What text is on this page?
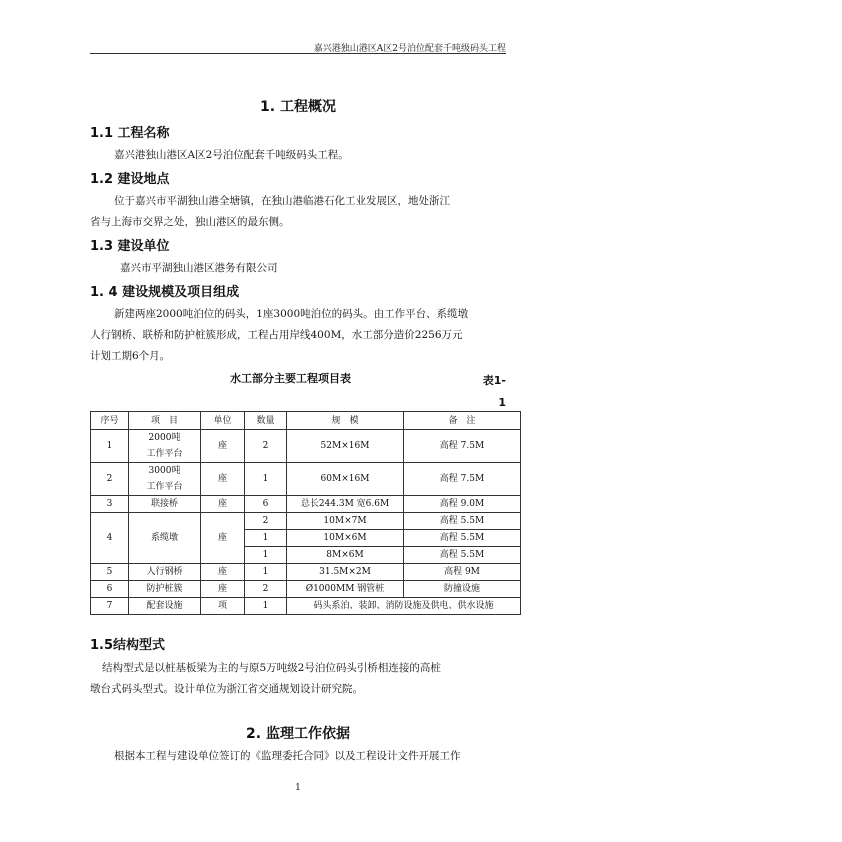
嘉兴港独山港区A区2号泊位配套千吨级码头工程
1. 工程概况
1.1 工程名称
嘉兴港独山港区A区2号泊位配套千吨级码头工程。
1.2 建设地点
位于嘉兴市平湖独山港全塘镇，在独山港临港石化工业发展区，地处浙江
省与上海市交界之处，独山港区的最东侧。
1.3 建设单位
嘉兴市平湖独山港区港务有限公司
1. 4 建设规模及项目组成
新建两座2000吨泊位的码头，1座3000吨泊位的码头。由工作平台、系缆墩
人行钢桥、联桥和防护桩簇形成，工程占用岸线400M，水工部分造价2256万元
计划工期6个月。
水工部分主要工程项目表	表1-
1
序号	项　目	单位	数量	规　模	备　注
1	2000吨
工作平台	座	2	52M×16M	高程 7.5M
2	3000吨
工作平台	座	1	60M×16M	高程 7.5M
3	联接桥	座	6	总长244.3M 宽6.6M	高程 9.0M
4	系缆墩	座	2	10M×7M	高程 5.5M
			1	10M×6M	高程 5.5M
			1	8M×6M	高程 5.5M
5	人行钢桥	座	1	31.5M×2M	高程 9M
6	防护桩簇	座	2	Ø1000MM 钢管桩	防撞设施
7	配套设施	项	1	码头系泊、装卸、消防设施及供电、供水设施	
1.5结构型式
结构型式是以桩基板梁为主的与原5万吨级2号泊位码头引桥相连接的高桩
墩台式码头型式。设计单位为浙江省交通规划设计研究院。
2. 监理工作依据
根据本工程与建设单位签订的《监理委托合同》以及工程设计文件开展工作
1
